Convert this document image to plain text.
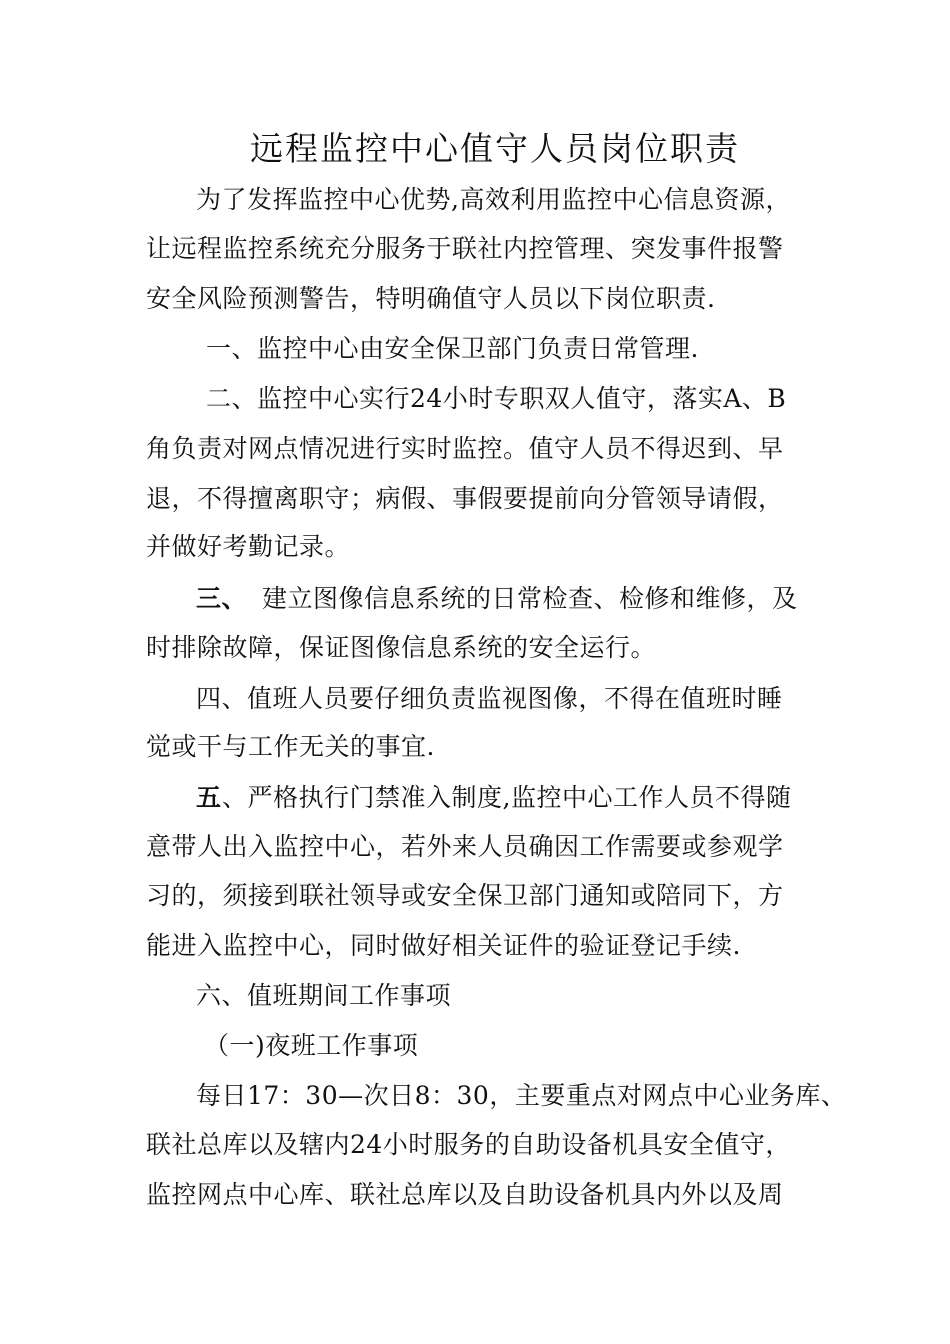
远程监控中心值守人员岗位职责
为了发挥监控中心优势,高效利用监控中心信息资源，
让远程监控系统充分服务于联社内控管理、突发事件报警
安全风险预测警告，特明确值守人员以下岗位职责.
一、监控中心由安全保卫部门负责日常管理.
二、监控中心实行24小时专职双人值守，落实A、B
角负责对网点情况进行实时监控。值守人员不得迟到、早
退，不得擅离职守；病假、事假要提前向分管领导请假，
并做好考勤记录。
三、 建立图像信息系统的日常检查、检修和维修，及
时排除故障，保证图像信息系统的安全运行。
四、值班人员要仔细负责监视图像，不得在值班时睡
觉或干与工作无关的事宜.
五 、严格执行门禁准入制度,监控中心工作人员不得随
意带人出入监控中心，若外来人员确因工作需要或参观学
习的，须接到联社领导或安全保卫部门通知或陪同下，方
能进入监控中心，同时做好相关证件的验证登记手续.
六、值班期间工作事项
（一)夜班工作事项
每日17：30—次日8：30，主要重点对网点中心业务库、
联社总库以及辖内24小时服务的自助设备机具安全值守，
监控网点中心库、联社总库以及自助设备机具内外以及周
